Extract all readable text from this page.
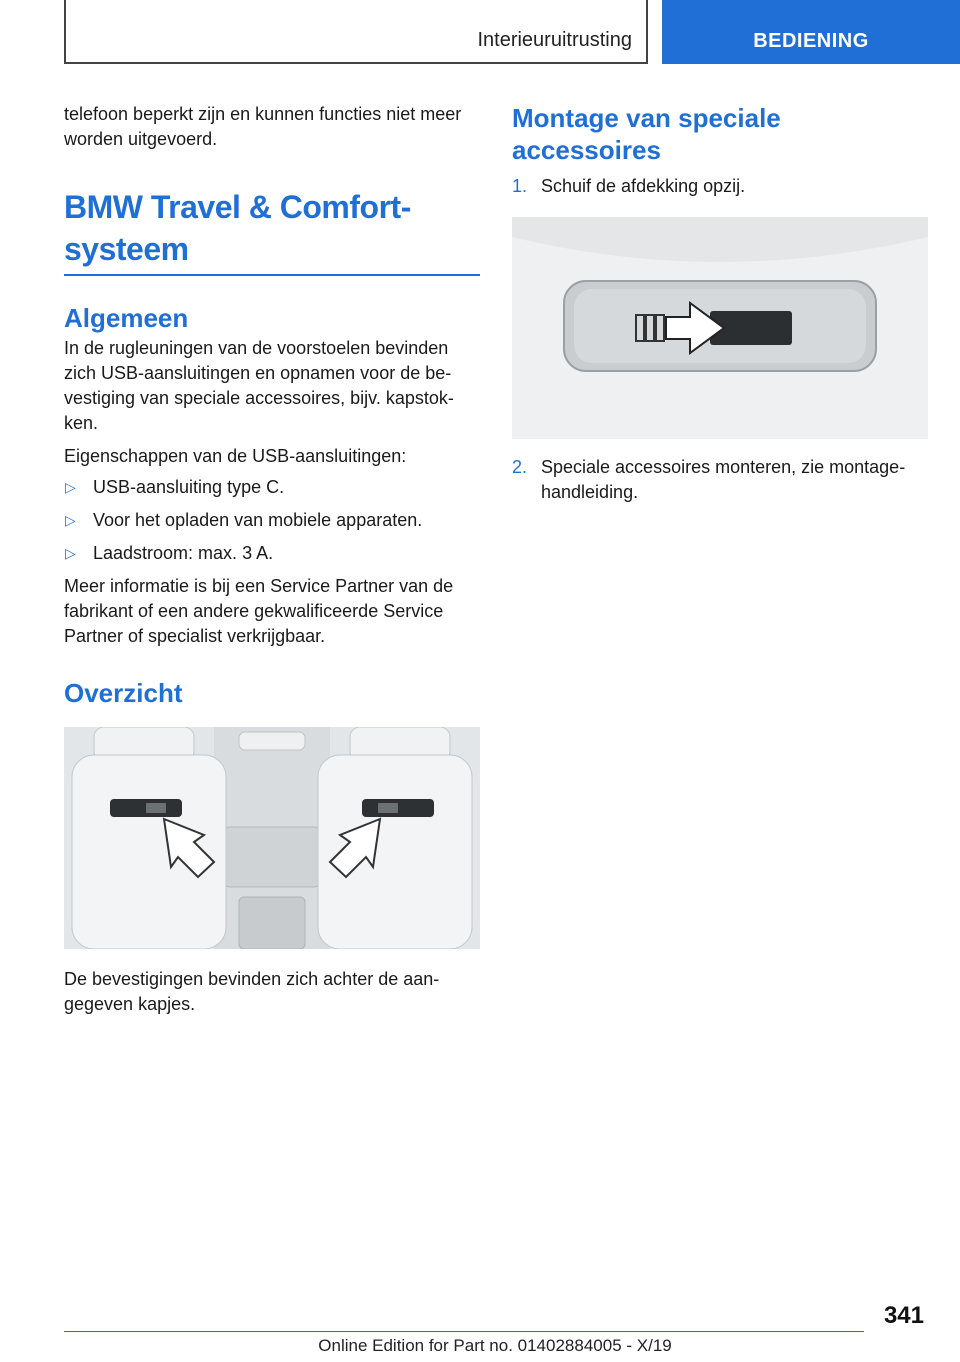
Interieuruitrusting	BEDIENING

telefoon beperkt zijn en kunnen functies niet meer worden uitgevoerd.

BMW Travel & Comfort-systeem
Algemeen

In de rugleuningen van de voorstoelen bevinden zich USB-aansluitingen en opnamen voor de bevestiging van speciale accessoires, bijv. kapstokken.

Eigenschappen van de USB-aansluitingen:

▷ USB-aansluiting type C.
▷ Voor het opladen van mobiele apparaten.
▷ Laadstroom: max. 3 A.

Meer informatie is bij een Service Partner van de fabrikant of een andere gekwalificeerde Service Partner of specialist verkrijgbaar.

Overzicht

De bevestigingen bevinden zich achter de aangegeven kapjes.

Montage van speciale accessoires
1. Schuif de afdekking opzij.
2. Speciale accessoires monteren, zie montagehandleiding.
341
Online Edition for Part no. 01402884005 - X/19
